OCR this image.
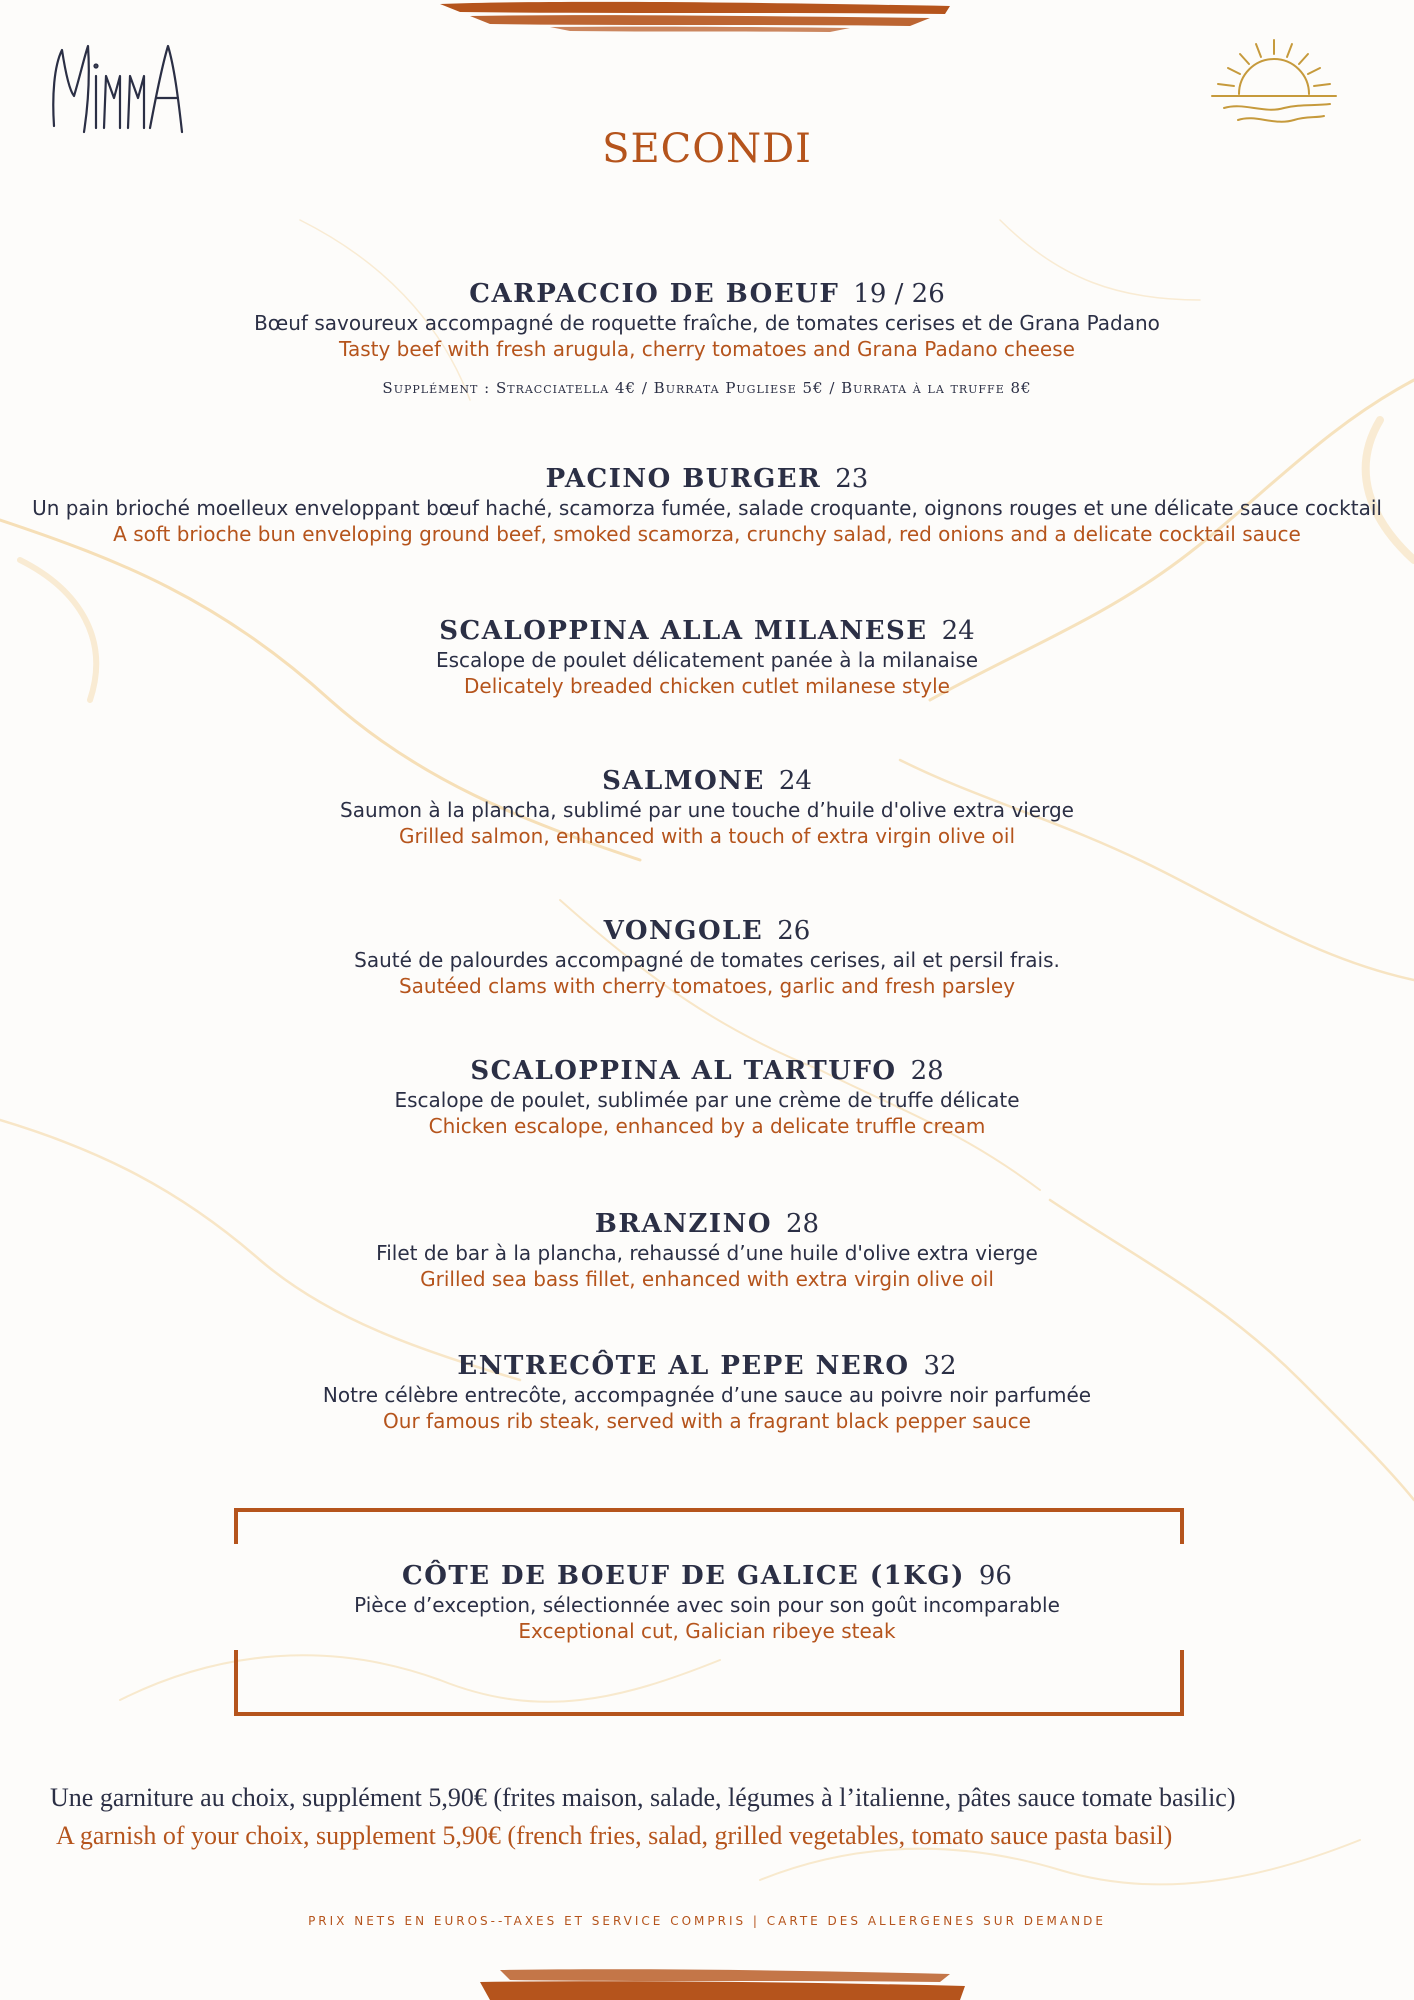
SECONDI
CARPACCIO DE BOEUF 19 / 26
Bœuf savoureux accompagné de roquette fraîche, de tomates cerises et de Grana Padano
Tasty beef with fresh arugula, cherry tomatoes and Grana Padano cheese
Supplément : Stracciatella 4€ / Burrata Pugliese 5€ / Burrata à la truffe 8€
PACINO BURGER 23
Un pain brioché moelleux enveloppant bœuf haché, scamorza fumée, salade croquante, oignons rouges et une délicate sauce cocktail
A soft brioche bun enveloping ground beef, smoked scamorza, crunchy salad, red onions and a delicate cocktail sauce
SCALOPPINA ALLA MILANESE 24
Escalope de poulet délicatement panée à la milanaise
Delicately breaded chicken cutlet milanese style
SALMONE 24
Saumon à la plancha, sublimé par une touche d’huile d'olive extra vierge
Grilled salmon, enhanced with a touch of extra virgin olive oil
VONGOLE 26
Sauté de palourdes accompagné de tomates cerises, ail et persil frais.
Sautéed clams with cherry tomatoes, garlic and fresh parsley
SCALOPPINA AL TARTUFO 28
Escalope de poulet, sublimée par une crème de truffe délicate
Chicken escalope, enhanced by a delicate truffle cream
BRANZINO 28
Filet de bar à la plancha, rehaussé d’une huile d'olive extra vierge
Grilled sea bass fillet, enhanced with extra virgin olive oil
ENTRECÔTE AL PEPE NERO 32
Notre célèbre entrecôte, accompagnée d’une sauce au poivre noir parfumée
Our famous rib steak, served with a fragrant black pepper sauce
CÔTE DE BOEUF DE GALICE (1KG) 96
Pièce d’exception, sélectionnée avec soin pour son goût incomparable
Exceptional cut, Galician ribeye steak
Une garniture au choix, supplément 5,90€ (frites maison, salade, légumes à l’italienne, pâtes sauce tomate basilic)
A garnish of your choix, supplement 5,90€ (french fries, salad, grilled vegetables, tomato sauce pasta basil)
PRIX NETS EN EUROS--TAXES ET SERVICE COMPRIS | CARTE DES ALLERGENES SUR DEMANDE
